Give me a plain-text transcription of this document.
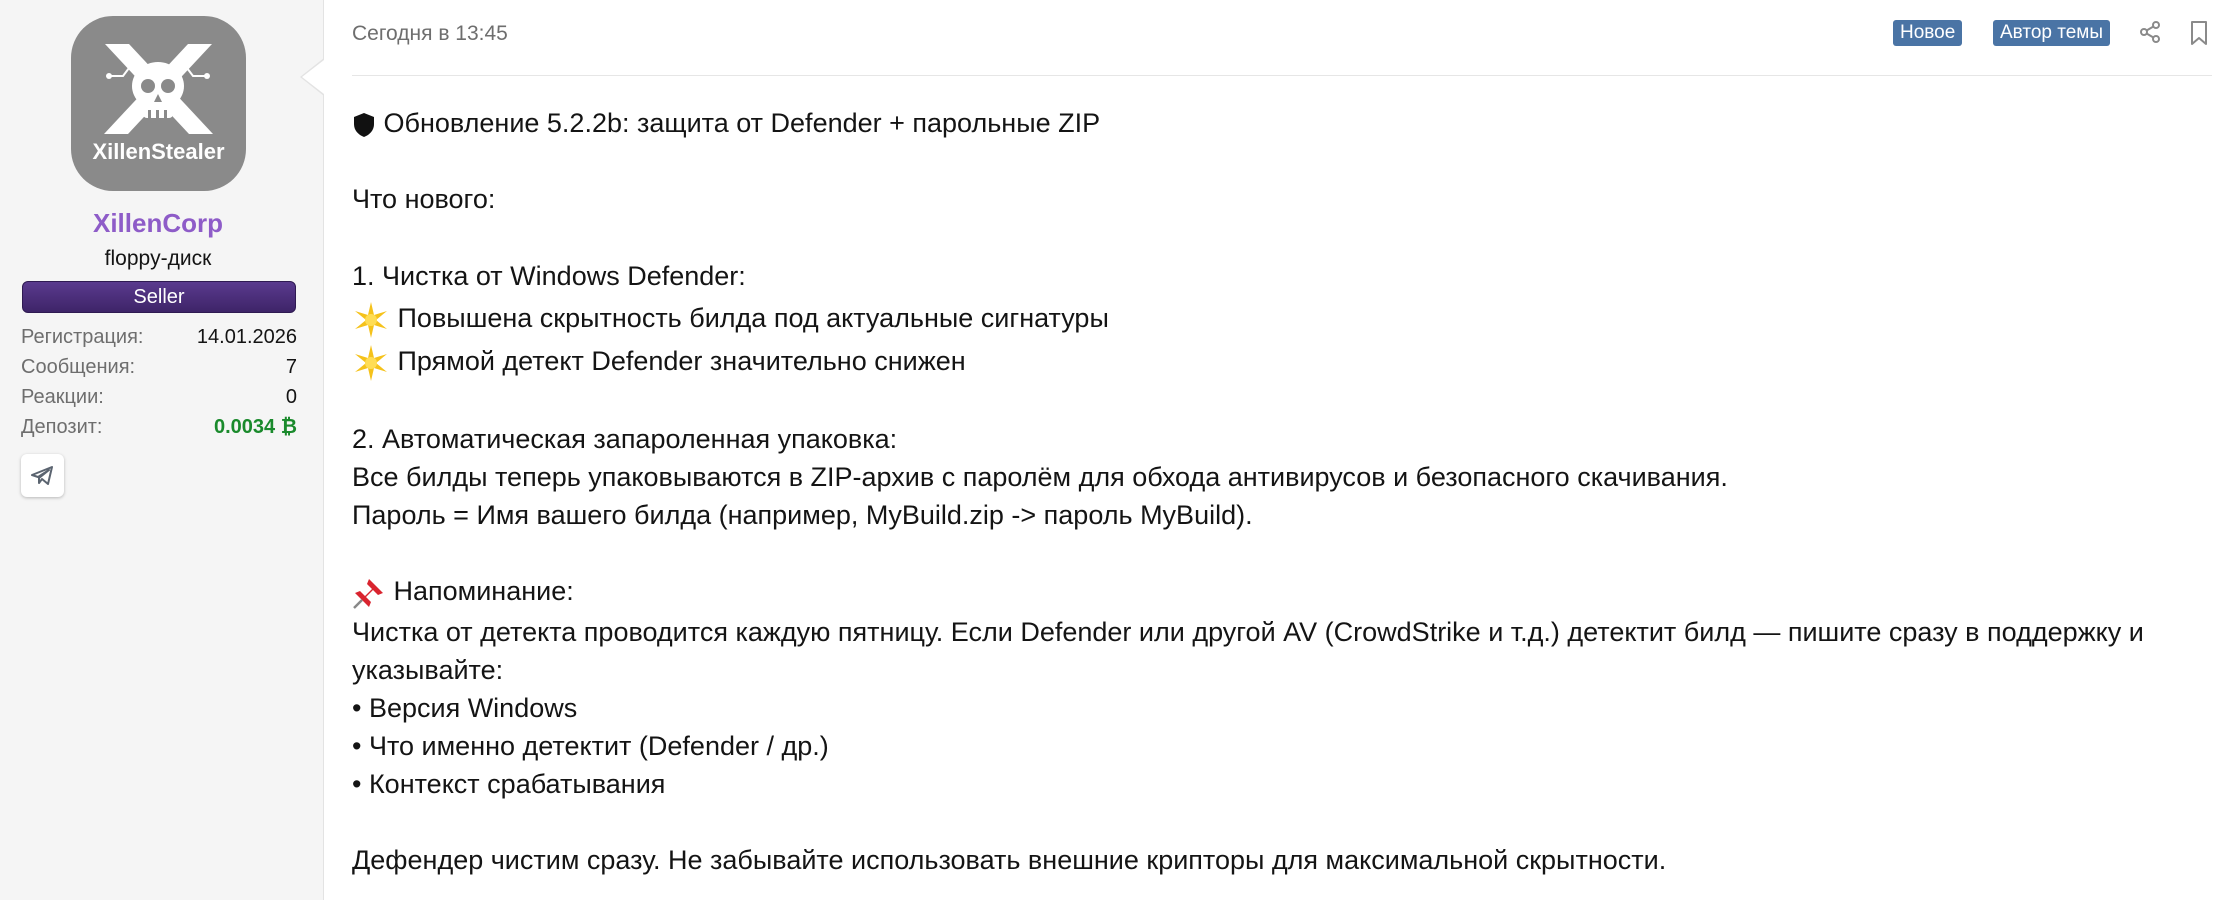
XillenStealer
XillenCorp
floppy-диск
Seller
Регистрация:	14.01.2026
Сообщения:	7
Реакции:	0
Депозит:	0.0034 ₿
Сегодня в 13:45	Новое	Автор темы
Обновление 5.2.2b: защита от Defender + парольные ZIP
Что нового:
1. Чистка от Windows Defender:
Повышена скрытность билда под актуальные сигнатуры
Прямой детект Defender значительно снижен
2. Автоматическая запароленная упаковка:
Все билды теперь упаковываются в ZIP-архив с паролём для обхода антивирусов и безопасного скачивания.
Пароль = Имя вашего билда (например, MyBuild.zip -> пароль MyBuild).
Напоминание:
Чистка от детекта проводится каждую пятницу. Если Defender или другой AV (CrowdStrike и т.д.) детектит билд — пишите сразу в поддержку и
указывайте:
• Версия Windows
• Что именно детектит (Defender / др.)
• Контекст срабатывания
Дефендер чистим сразу. Не забывайте использовать внешние крипторы для максимальной скрытности.
